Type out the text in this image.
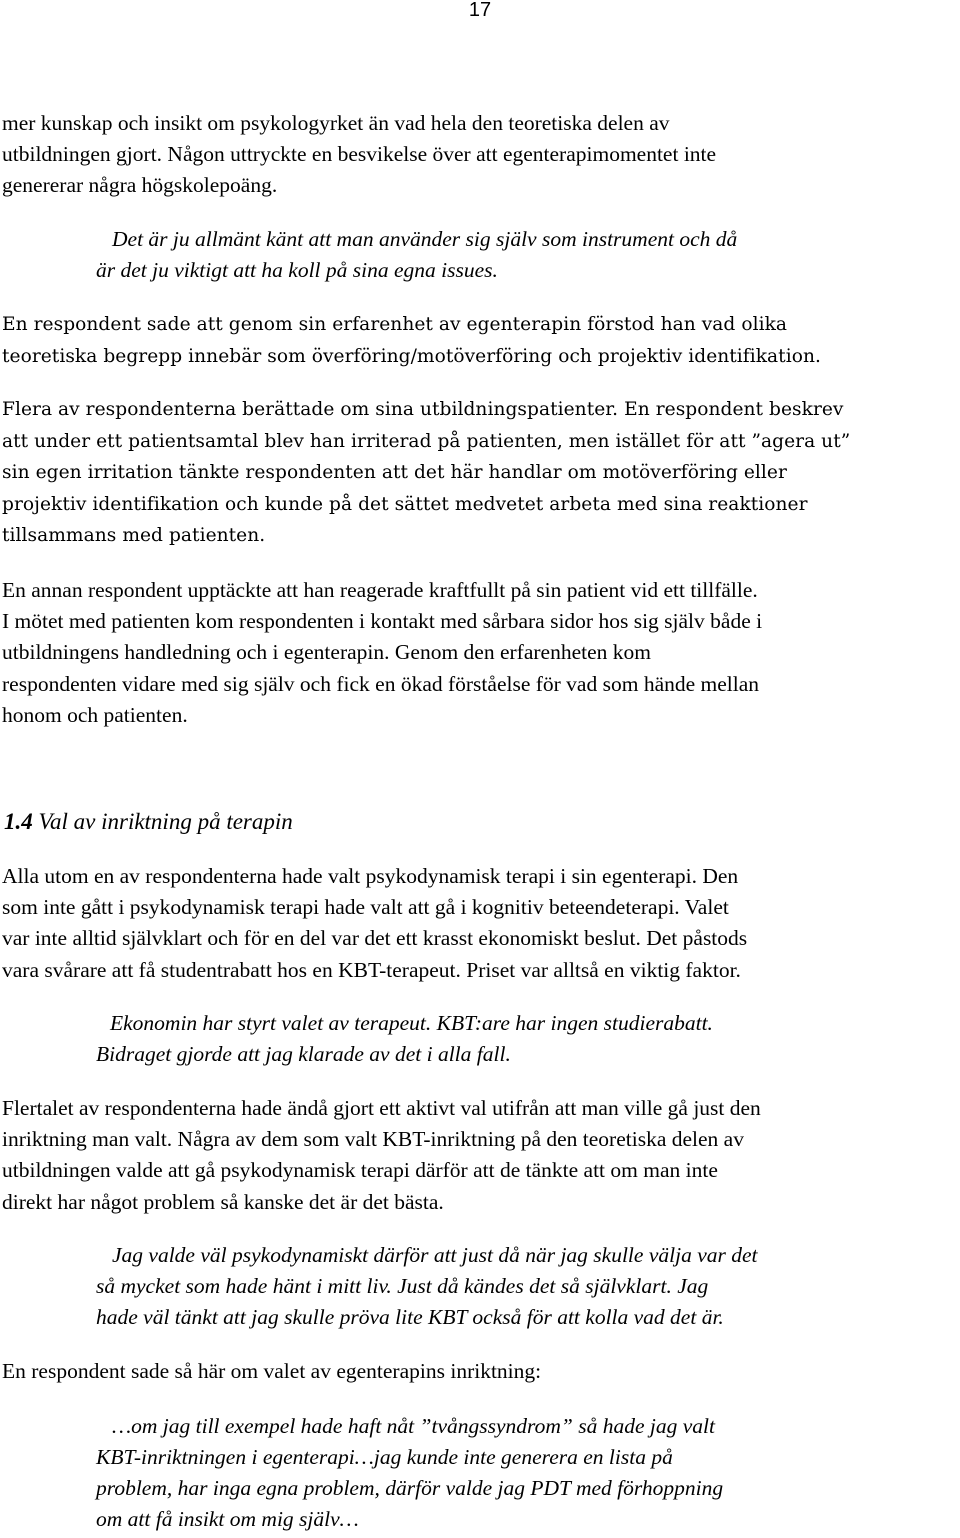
17

mer kunskap och insikt om psykologyrket än vad hela den teoretiska delen av
utbildningen gjort. Någon uttryckte en besvikelse över att egenterapimomentet inte
genererar några högskolepoäng.

Det är ju allmänt känt att man använder sig själv som instrument och då
är det ju viktigt att ha koll på sina egna issues.

En respondent sade att genom sin erfarenhet av egenterapin förstod han vad olika
teoretiska begrepp innebär som överföring/motöverföring och projektiv identifikation.

Flera av respondenterna berättade om sina utbildningspatienter. En respondent beskrev
att under ett patientsamtal blev han irriterad på patienten, men istället för att ”agera ut”
sin egen irritation tänkte respondenten att det här handlar om motöverföring eller
projektiv identifikation och kunde på det sättet medvetet arbeta med sina reaktioner
tillsammans med patienten.

En annan respondent upptäckte att han reagerade kraftfullt på sin patient vid ett tillfälle.
I mötet med patienten kom respondenten i kontakt med sårbara sidor hos sig själv både i
utbildningens handledning och i egenterapin. Genom den erfarenheten kom
respondenten vidare med sig själv och fick en ökad förståelse för vad som hände mellan
honom och patienten.

1.4 Val av inriktning på terapin

Alla utom en av respondenterna hade valt psykodynamisk terapi i sin egenterapi. Den
som inte gått i psykodynamisk terapi hade valt att gå i kognitiv beteendeterapi. Valet
var inte alltid självklart och för en del var det ett krasst ekonomiskt beslut. Det påstods
vara svårare att få studentrabatt hos en KBT-terapeut. Priset var alltså en viktig faktor.

Ekonomin har styrt valet av terapeut. KBT:are har ingen studierabatt.
Bidraget gjorde att jag klarade av det i alla fall.

Flertalet av respondenterna hade ändå gjort ett aktivt val utifrån att man ville gå just den
inriktning man valt. Några av dem som valt KBT-inriktning på den teoretiska delen av
utbildningen valde att gå psykodynamisk terapi därför att de tänkte att om man inte
direkt har något problem så kanske det är det bästa.

Jag valde väl psykodynamiskt därför att just då när jag skulle välja var det
så mycket som hade hänt i mitt liv. Just då kändes det så självklart. Jag
hade väl tänkt att jag skulle pröva lite KBT också för att kolla vad det är.

En respondent sade så här om valet av egenterapins inriktning:

…om jag till exempel hade haft nåt ”tvångssyndrom” så hade jag valt
KBT-inriktningen i egenterapi…jag kunde inte generera en lista på
problem, har inga egna problem, därför valde jag PDT med förhoppning
om att få insikt om mig själv…
